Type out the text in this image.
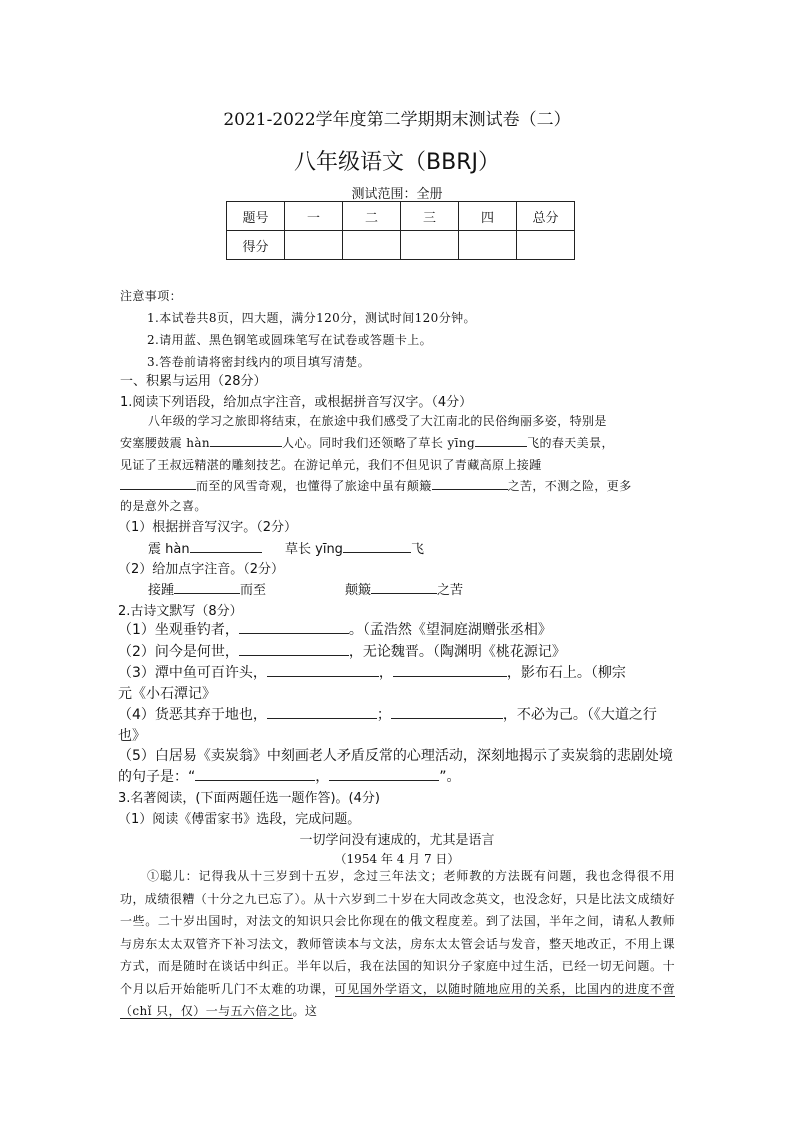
2021-2022学年度第二学期期末测试卷（二）
八年级语文（BBRJ）
测试范围：全册
题号	一	二	三	四	总分
得分					
注意事项：
1.本试卷共8页，四大题，满分120分，测试时间120分钟。
2.请用蓝、黑色钢笔或圆珠笔写在试卷或答题卡上。
3.答卷前请将密封线内的项目填写清楚。
一、积累与运用（28分）
1.阅读下列语段，给加点字注音，或根据拼音写汉字。（4分）
八年级的学习之旅即将结束，在旅途中我们感受了大江南北的民俗绚丽多姿，特别是
安塞腰鼓震 hàn	人心。同时我们还领略了草长 yīng	飞的春天美景，
见证了王叔远精湛的雕刻技艺。在游记单元，我们不但见识了青藏高原上接踵
而至的风雪奇观，也懂得了旅途中虽有颠簸	之苦，不测之险，更多
的是意外之喜。
（1）根据拼音写汉字。（2分）
震 hàn	草长 yīng	飞
（2）给加点字注音。（2分）
接踵	而至	颠簸	之苦
2.古诗文默写（8分）
（1）坐观垂钓者，	。（孟浩然《望洞庭湖赠张丞相》
（2）问今是何世，	，无论魏晋。（陶渊明《桃花源记》
（3）潭中鱼可百许头，	，	，影布石上。（柳宗
元《小石潭记》
（4）货恶其弃于地也，	；	，不必为己。（《大道之行
也》
（5）白居易《卖炭翁》中刻画老人矛盾反常的心理活动，深刻地揭示了卖炭翁的悲剧处境
的句子是：“	，	”。
3.名著阅读，(下面两题任选一题作答)。(4分)
（1）阅读《傅雷家书》选段，完成问题。
一切学问没有速成的，尤其是语言
（1954 年 4 月 7 日）
①聪儿：记得我从十三岁到十五岁，念过三年法文；老师教的方法既有问题，我也念得很不用功，成绩很糟（十分之九已忘了）。从十六岁到二十岁在大同改念英文，也没念好，只是比法文成绩好一些。二十岁出国时，对法文的知识只会比你现在的俄文程度差。到了法国，半年之间，请私人教师与房东太太双管齐下补习法文，教师管读本与文法，房东太太管会话与发音，整天地改正，不用上课方式，而是随时在谈话中纠正。半年以后，我在法国的知识分子家庭中过生活，已经一切无问题。十个月以后开始能听几门不太难的功课，可见国外学语文，以随时随地应用的关系，比国内的进度不啻（chǐ 只，仅）一与五六倍之比。这
